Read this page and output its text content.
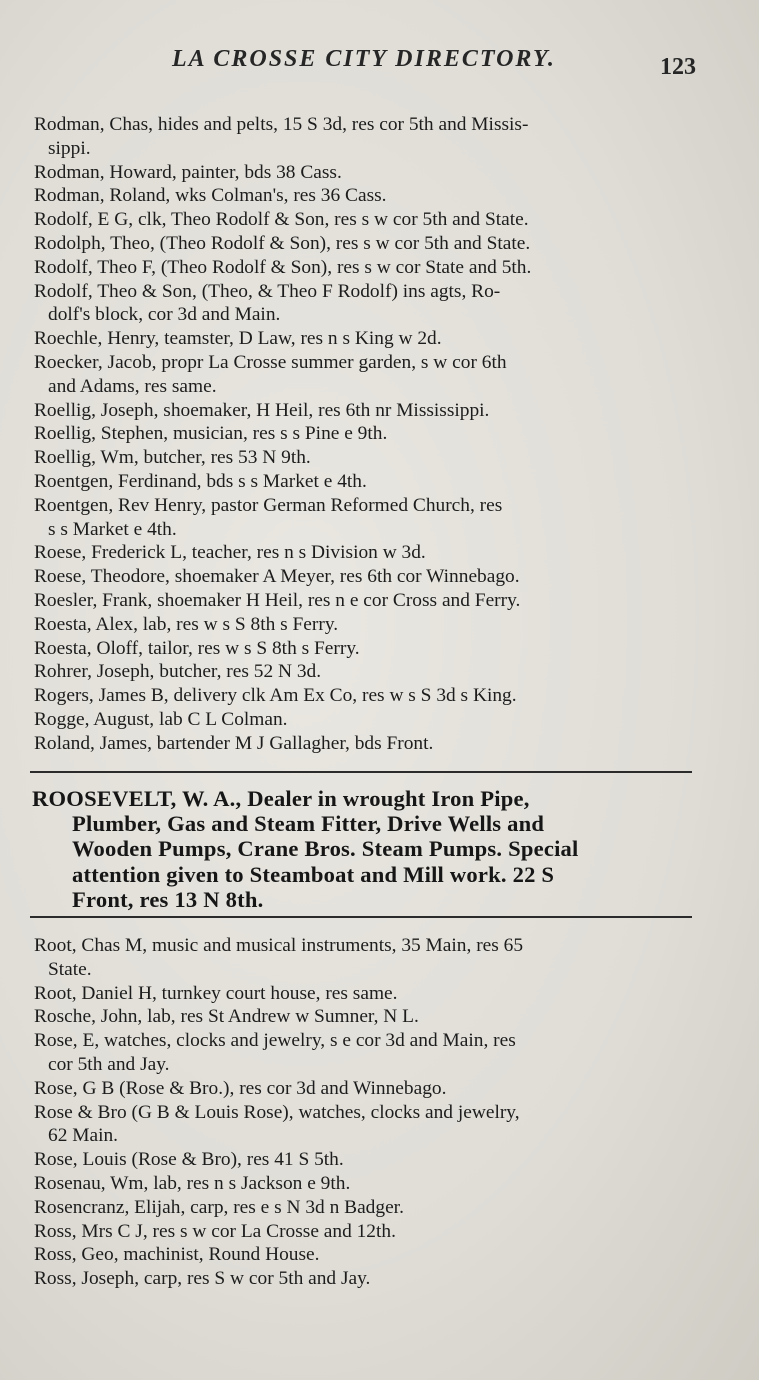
LA CROSSE CITY DIRECTORY.	123
Rodman, Chas, hides and pelts, 15 S 3d, res cor 5th and Missis-
sippi.
Rodman, Howard, painter, bds 38 Cass.
Rodman, Roland, wks Colman's, res 36 Cass.
Rodolf, E G, clk, Theo Rodolf & Son, res s w cor 5th and State.
Rodolph, Theo, (Theo Rodolf & Son), res s w cor 5th and State.
Rodolf, Theo F, (Theo Rodolf & Son), res s w cor State and 5th.
Rodolf, Theo & Son, (Theo, & Theo F Rodolf) ins agts, Ro-
dolf's block, cor 3d and Main.
Roechle, Henry, teamster, D Law, res n s King w 2d.
Roecker, Jacob, propr La Crosse summer garden, s w cor 6th
and Adams, res same.
Roellig, Joseph, shoemaker, H Heil, res 6th nr Mississippi.
Roellig, Stephen, musician, res s s Pine e 9th.
Roellig, Wm, butcher, res 53 N 9th.
Roentgen, Ferdinand, bds s s Market e 4th.
Roentgen, Rev Henry, pastor German Reformed Church, res
s s Market e 4th.
Roese, Frederick L, teacher, res n s Division w 3d.
Roese, Theodore, shoemaker A Meyer, res 6th cor Winnebago.
Roesler, Frank, shoemaker H Heil, res n e cor Cross and Ferry.
Roesta, Alex, lab, res w s S 8th s Ferry.
Roesta, Oloff, tailor, res w s S 8th s Ferry.
Rohrer, Joseph, butcher, res 52 N 3d.
Rogers, James B, delivery clk Am Ex Co, res w s S 3d s King.
Rogge, August, lab C L Colman.
Roland, James, bartender M J Gallagher, bds Front.
ROOSEVELT, W. A., Dealer in wrought Iron Pipe,
Plumber, Gas and Steam Fitter, Drive Wells and
Wooden Pumps, Crane Bros. Steam Pumps. Special
attention given to Steamboat and Mill work. 22 S
Front, res 13 N 8th.
Root, Chas M, music and musical instruments, 35 Main, res 65
State.
Root, Daniel H, turnkey court house, res same.
Rosche, John, lab, res St Andrew w Sumner, N L.
Rose, E, watches, clocks and jewelry, s e cor 3d and Main, res
cor 5th and Jay.
Rose, G B (Rose & Bro.), res cor 3d and Winnebago.
Rose & Bro (G B & Louis Rose), watches, clocks and jewelry,
62 Main.
Rose, Louis (Rose & Bro), res 41 S 5th.
Rosenau, Wm, lab, res n s Jackson e 9th.
Rosencranz, Elijah, carp, res e s N 3d n Badger.
Ross, Mrs C J, res s w cor La Crosse and 12th.
Ross, Geo, machinist, Round House.
Ross, Joseph, carp, res S w cor 5th and Jay.
